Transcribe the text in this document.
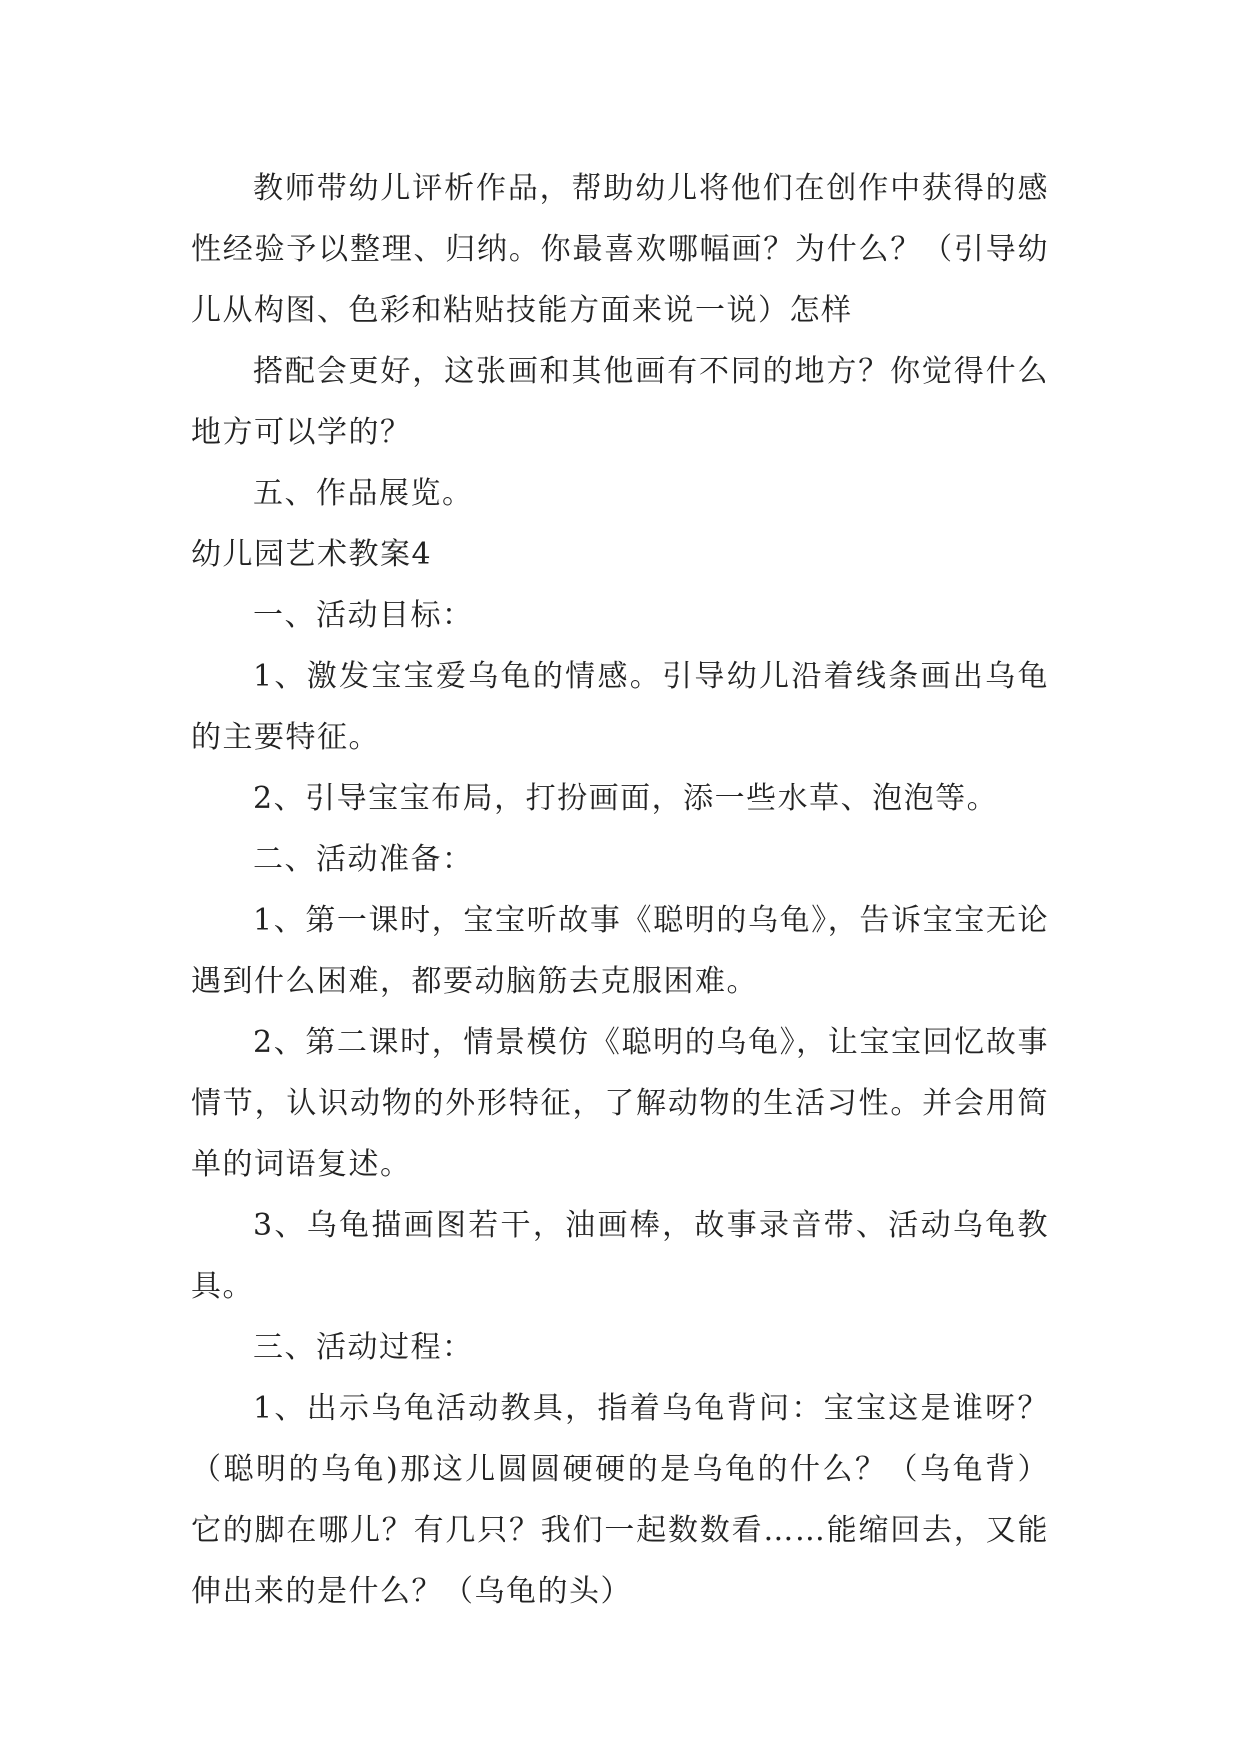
教师带幼儿评析作品，帮助幼儿将他们在创作中获得的感性经验予以整理、归纳。你最喜欢哪幅画？为什么？（引导幼儿从构图、色彩和粘贴技能方面来说一说）怎样

搭配会更好，这张画和其他画有不同的地方？你觉得什么地方可以学的？

五、作品展览。

幼儿园艺术教案4

一、活动目标：

1、激发宝宝爱乌龟的情感。引导幼儿沿着线条画出乌龟的主要特征。

2、引导宝宝布局，打扮画面，添一些水草、泡泡等。

二、活动准备：

1、第一课时，宝宝听故事《聪明的乌龟》，告诉宝宝无论遇到什么困难，都要动脑筋去克服困难。

2、第二课时，情景模仿《聪明的乌龟》，让宝宝回忆故事情节，认识动物的外形特征，了解动物的生活习性。并会用简单的词语复述。

3、乌龟描画图若干，油画棒，故事录音带、活动乌龟教具。

三、活动过程：

1、出示乌龟活动教具，指着乌龟背问：宝宝这是谁呀？（聪明的乌龟)那这儿圆圆硬硬的是乌龟的什么？（乌龟背）它的脚在哪儿？有几只？我们一起数数看……能缩回去，又能伸出来的是什么？（乌龟的头）
